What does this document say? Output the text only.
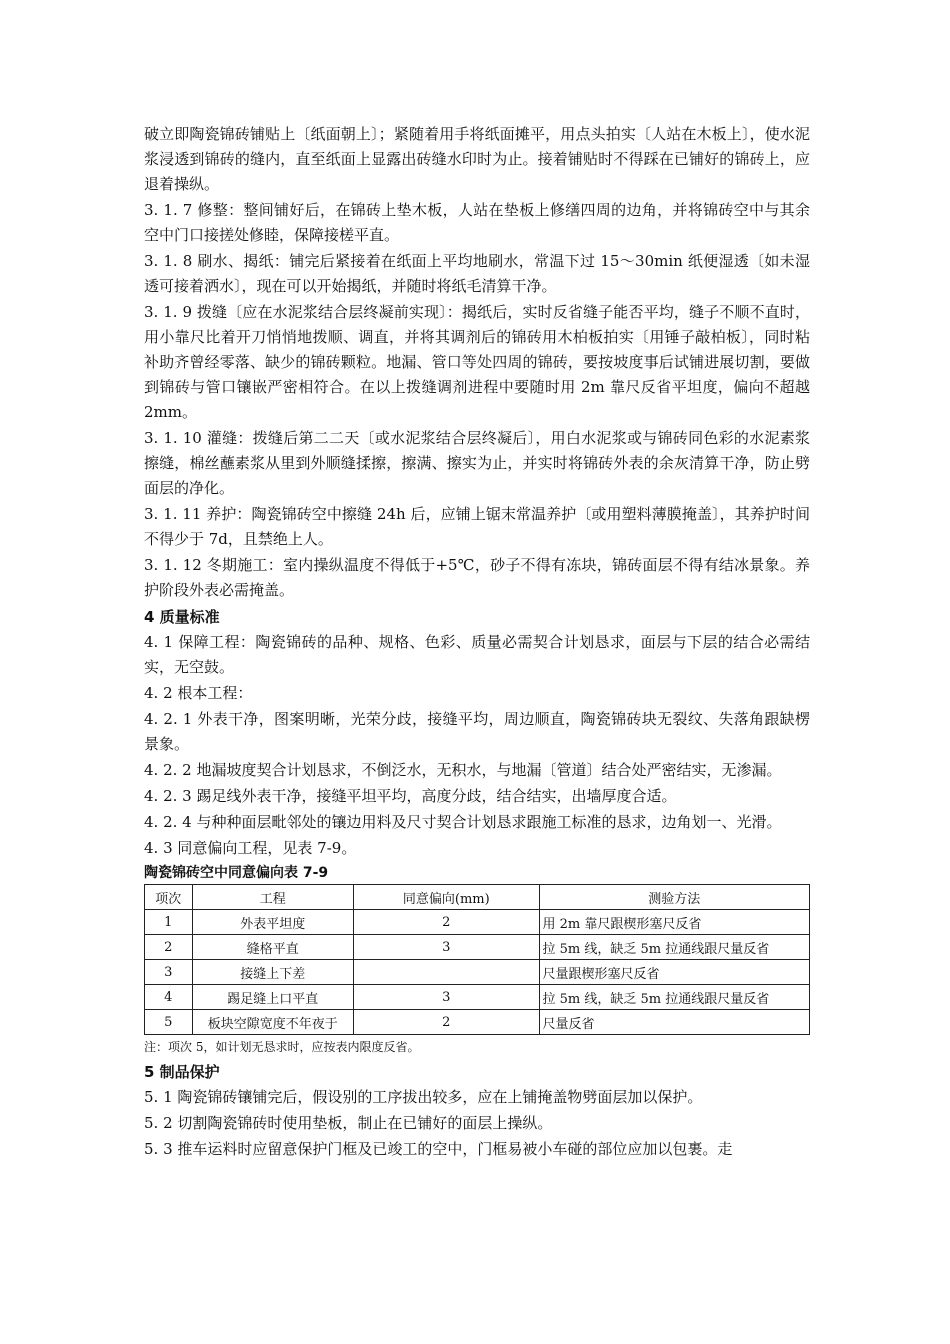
破立即陶瓷锦砖铺贴上〔纸面朝上〕；紧随着用手将纸面摊平，用点头拍实〔人站在木板上〕，使水泥浆浸透到锦砖的缝内，直至纸面上显露出砖缝水印时为止。接着铺贴时不得踩在已铺好的锦砖上，应退着操纵。

3. 1. 7 修整：整间铺好后，在锦砖上垫木板，人站在垫板上修缮四周的边角，并将锦砖空中与其余空中门口接搓处修睦，保障接槎平直。

3. 1. 8 刷水、揭纸：铺完后紧接着在纸面上平均地刷水，常温下过 15～30min 纸便湿透〔如未湿透可接着洒水〕，现在可以开始揭纸，并随时将纸毛清算干净。

3. 1. 9 拨缝〔应在水泥浆结合层终凝前实现〕：揭纸后，实时反省缝子能否平均，缝子不顺不直时，用小靠尺比着开刀悄悄地拨顺、调直，并将其调剂后的锦砖用木柏板拍实〔用锤子敲柏板〕，同时粘补助齐曾经零落、缺少的锦砖颗粒。地漏、管口等处四周的锦砖，要按坡度事后试铺进展切割，要做到锦砖与管口镶嵌严密相符合。在以上拨缝调剂进程中要随时用 2m 靠尺反省平坦度，偏向不超越 2mm。

3. 1. 10 灌缝：拨缝后第二二天〔或水泥浆结合层终凝后〕，用白水泥浆或与锦砖同色彩的水泥素浆擦缝，棉丝蘸素浆从里到外顺缝揉擦，擦满、擦实为止，并实时将锦砖外表的余灰清算干净，防止劈面层的净化。

3. 1. 11 养护：陶瓷锦砖空中擦缝 24h 后，应铺上锯末常温养护〔或用塑料薄膜掩盖〕，其养护时间不得少于 7d，且禁绝上人。

3. 1. 12 冬期施工：室内操纵温度不得低于+5℃，砂子不得有冻块，锦砖面层不得有结冰景象。养护阶段外表必需掩盖。

4 质量标准

4. 1 保障工程：陶瓷锦砖的品种、规格、色彩、质量必需契合计划恳求，面层与下层的结合必需结实，无空鼓。

4. 2 根本工程：

4. 2. 1 外表干净，图案明晰，光荣分歧，接缝平均，周边顺直，陶瓷锦砖块无裂纹、失落角跟缺楞景象。

4. 2. 2 地漏坡度契合计划恳求，不倒泛水，无积水，与地漏〔管道〕结合处严密结实，无渗漏。

4. 2. 3 踢足线外表干净，接缝平坦平均，高度分歧，结合结实，出墙厚度合适。

4. 2. 4 与种种面层毗邻处的镶边用料及尺寸契合计划恳求跟施工标准的恳求，边角划一、光滑。

4. 3 同意偏向工程，见表 7-9。

陶瓷锦砖空中同意偏向表 7-9

项次	工程	同意偏向(mm)	测验方法
1	外表平坦度	2	用 2m 靠尺跟楔形塞尺反省
2	缝格平直	3	拉 5m 线，缺乏 5m 拉通线跟尺量反省
3	接缝上下差		尺量跟楔形塞尺反省
4	踢足缝上口平直	3	拉 5m 线，缺乏 5m 拉通线跟尺量反省
5	板块空隙宽度不年夜于	2	尺量反省

注：项次 5，如计划无恳求时，应按表内限度反省。

5 制品保护

5. 1 陶瓷锦砖镶铺完后，假设别的工序拔出较多，应在上铺掩盖物劈面层加以保护。

5. 2 切割陶瓷锦砖时使用垫板，制止在已铺好的面层上操纵。

5. 3 推车运料时应留意保护门框及已竣工的空中，门框易被小车碰的部位应加以包裹。走
